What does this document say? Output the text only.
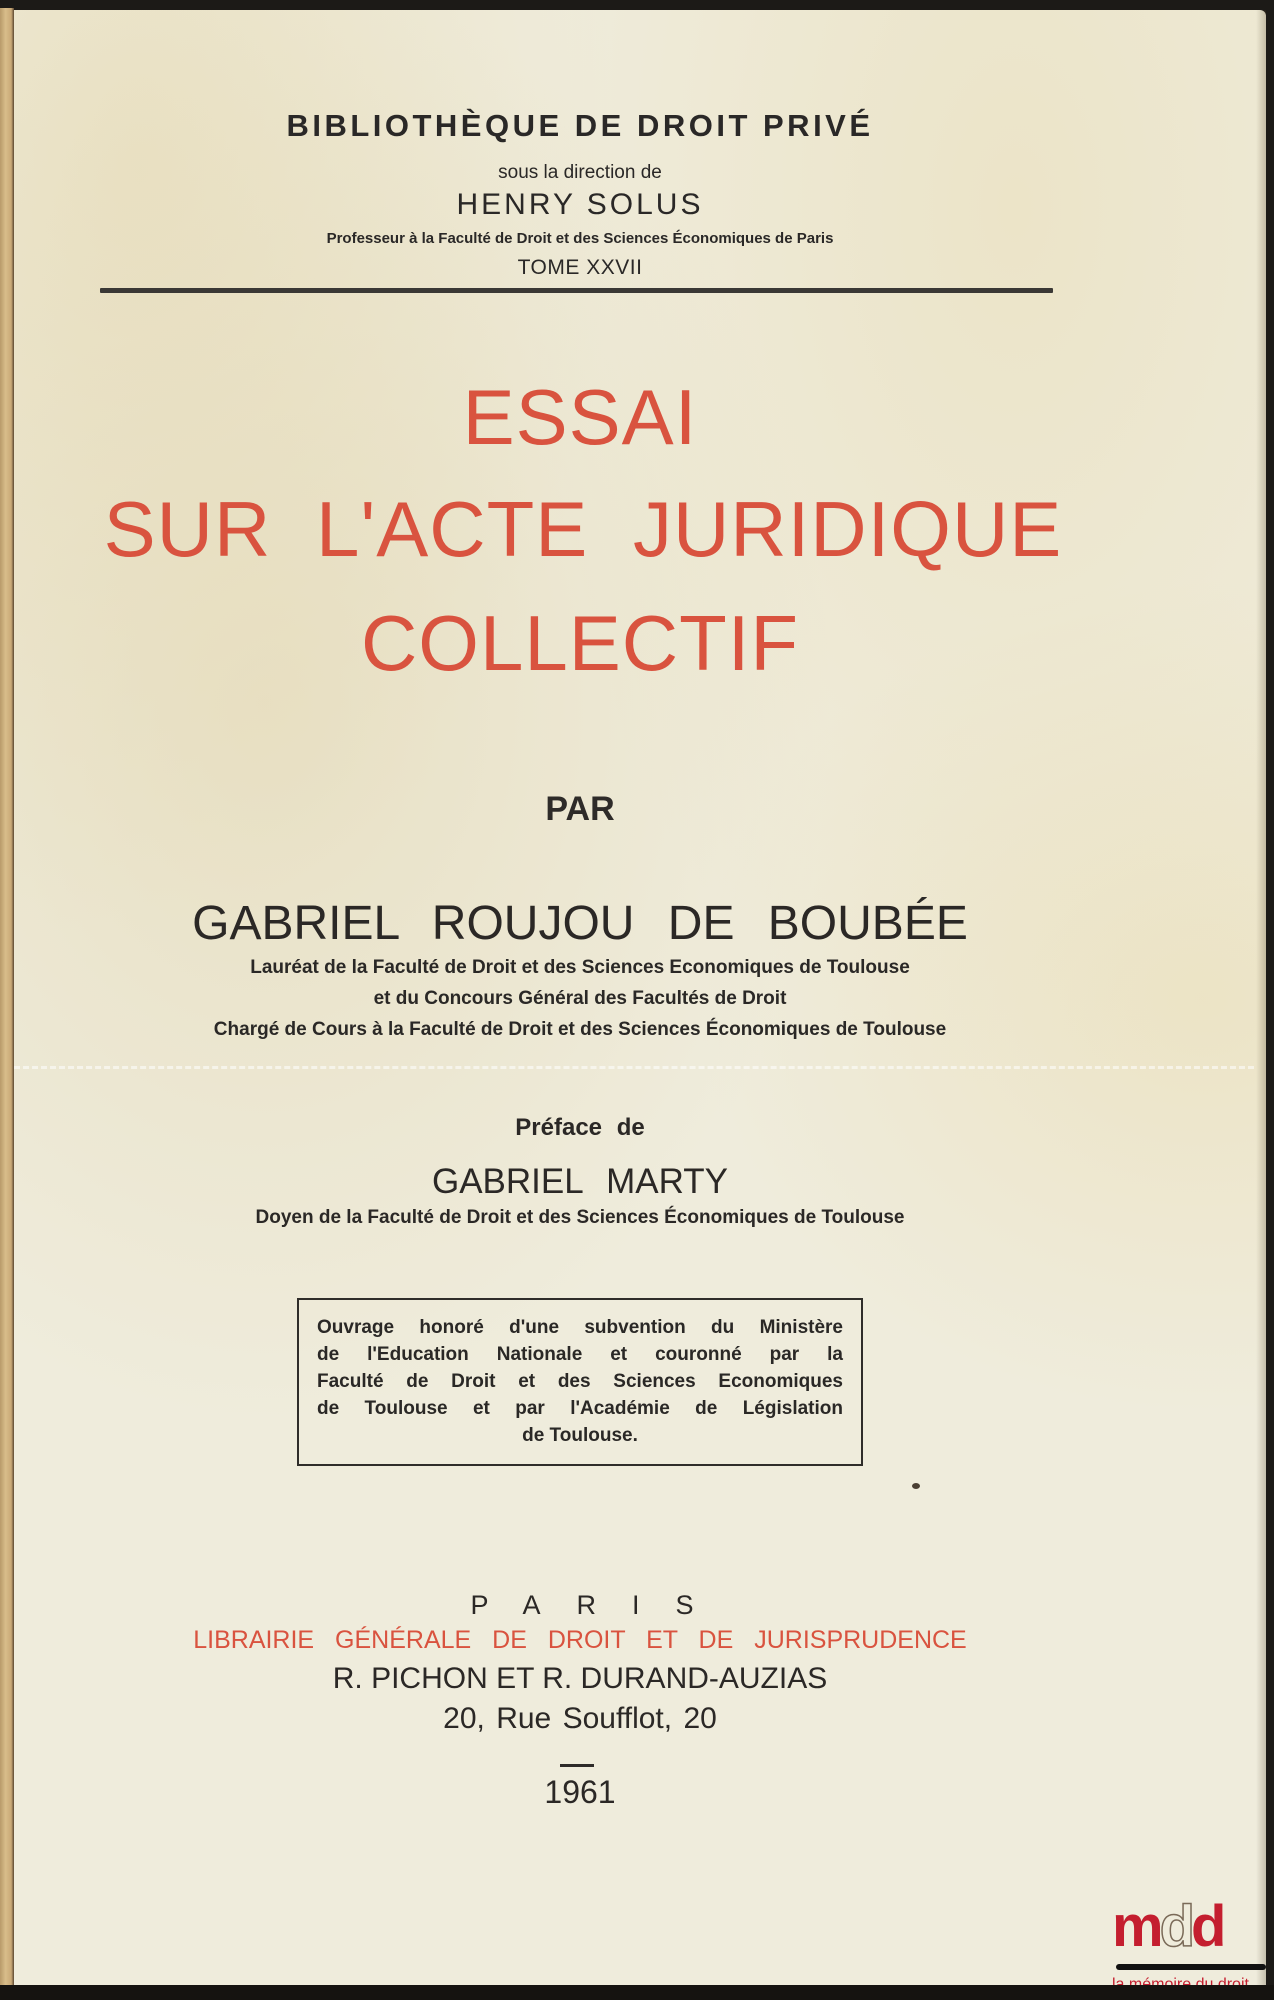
BIBLIOTHÈQUE DE DROIT PRIVÉ
sous la direction de
HENRY SOLUS
Professeur à la Faculté de Droit et des Sciences Économiques de Paris
TOME XXVII
ESSAI
SUR L'ACTE JURIDIQUE
COLLECTIF
PAR
GABRIEL ROUJOU DE BOUBÉE
Lauréat de la Faculté de Droit et des Sciences Economiques de Toulouse
et du Concours Général des Facultés de Droit
Chargé de Cours à la Faculté de Droit et des Sciences Économiques de Toulouse
Préface de
GABRIEL MARTY
Doyen de la Faculté de Droit et des Sciences Économiques de Toulouse
Ouvrage honoré d'une subvention du Ministère
de l'Education Nationale et couronné par la
Faculté de Droit et des Sciences Economiques
de Toulouse et par l'Académie de Législation
de Toulouse.
PARIS
LIBRAIRIE GÉNÉRALE DE DROIT ET DE JURISPRUDENCE
R. PICHON ET R. DURAND-AUZIAS
20, Rue Soufflot, 20
1961
mdd
